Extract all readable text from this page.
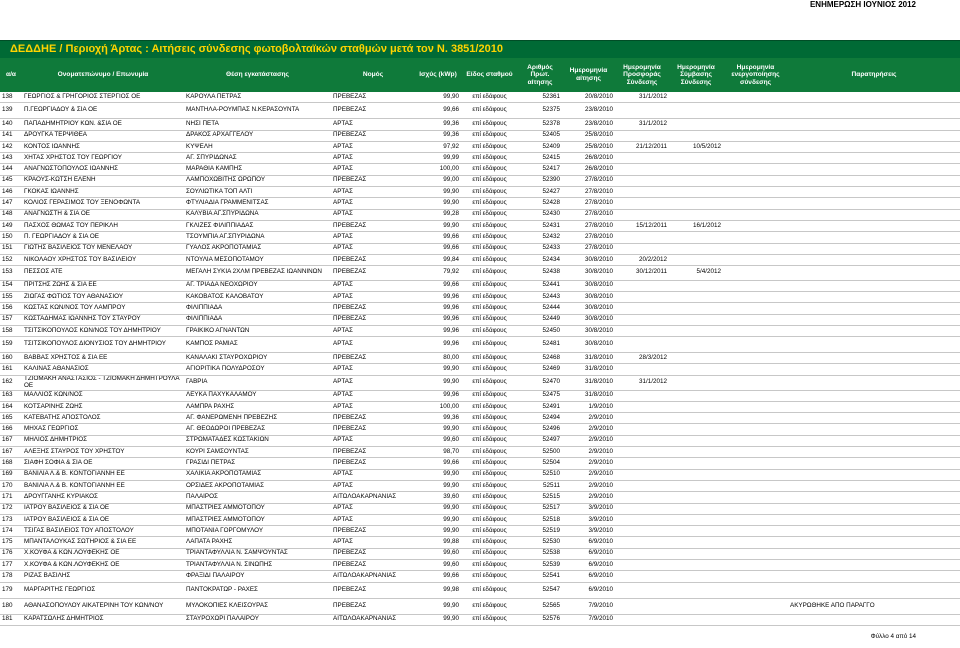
ΕΝΗΜΕΡΩΣΗ ΙΟΥΝΙΟΣ 2012
ΔΕΔΔΗΕ / Περιοχή Άρτας : Αιτήσεις σύνδεσης φωτοβολταϊκών σταθμών μετά τον Ν. 3851/2010
α/α	Ονοματεπώνυμο / Επωνυμία	Θέση εγκατάστασης	Νομός	Ισχύς (kWp)	Είδος σταθμού	Αριθμός Πρωτ. αίτησης	Ημερομηνία αίτησης	Ημερομηνία Προσφοράς Σύνδεσης	Ημερομηνία Σύμβασης Σύνδεσης	Ημερομηνία ενεργοποίησης σύνδεσης	Παρατηρήσεις	
138	ΓΕΩΡΓΙΟΣ & ΓΡΗΓΟΡΙΟΣ ΣΤΕΡΓΙΟΣ ΟΕ	ΚΑΡΟΥΛΑ ΠΕΤΡΑΣ	ΠΡΕΒΕΖΑΣ	99,90	επί εδάφους	52361	20/8/2010	31/1/2012				
139	Π.ΓΕΩΡΓΙΑΔΟΥ & ΣΙΑ ΟΕ	ΜΑΝΤΗΛΑ-ΡΟΥΜΠΑΣ Ν.ΚΕΡΑΣΟΥΝΤΑ	ΠΡΕΒΕΖΑΣ	99,66	επί εδάφους	52375	23/8/2010					
140	ΠΑΠΑΔΗΜΗΤΡΙΟΥ ΚΩΝ. &ΣΙΑ ΟΕ	ΝΗΣΙ ΠΕΤΑ	ΑΡΤΑΣ	99,36	επί εδάφους	52378	23/8/2010	31/1/2012				
141	ΔΡΟΥΓΚΑ ΤΕΡΨΙΘΕΑ	ΔΡΑΚΟΣ ΑΡΧΑΓΓΕΛΟΥ	ΠΡΕΒΕΖΑΣ	99,36	επί εδάφους	52405	25/8/2010					
142	ΚΟΝΤΟΣ ΙΩΑΝΝΗΣ	ΚΥΨΕΛΗ	ΑΡΤΑΣ	97,92	επί εδάφους	52409	25/8/2010	21/12/2011	10/5/2012			
143	ΧΗΤΑΣ ΧΡΗΣΤΟΣ ΤΟΥ ΓΕΩΡΓΙΟΥ	ΑΓ. ΣΠΥΡΙΔΩΝΑΣ	ΑΡΤΑΣ	99,99	επί εδάφους	52415	26/8/2010					
144	ΑΝΑΓΝΩΣΤΟΠΟΥΛΟΣ ΙΩΑΝΝΗΣ	ΜΑΡΑΘΙΑ ΚΑΜΠΗΣ	ΑΡΤΑΣ	100,00	επί εδάφους	52417	26/8/2010					
145	ΚΡΑΟΥΣ-ΚΩΤΣΗ ΕΛΕΝΗ	ΛΑΜΠΟΧΩΒΙΤΗΣ ΩΡΩΠΟΥ	ΠΡΕΒΕΖΑΣ	99,00	επί εδάφους	52390	27/8/2010					
146	ΓΚΟΚΑΣ ΙΩΑΝΝΗΣ	ΣΟΥΛΙΩΤΙΚΑ ΤΟΠ ΑΛΤΙ	ΑΡΤΑΣ	99,90	επί εδάφους	52427	27/8/2010					
147	ΚΟΛΙΟΣ ΓΕΡΑΣΙΜΟΣ ΤΟΥ ΞΕΝΟΦΩΝΤΑ	ΦΤΥΛΙΑΔΙΑ ΓΡΑΜΜΕΝΙΤΣΑΣ	ΑΡΤΑΣ	99,90	επί εδάφους	52428	27/8/2010					
148	ΑΝΑΓΝΩΣΤΗ & ΣΙΑ ΟΕ	ΚΑΛΥΒΙΑ ΑΓ.ΣΠΥΡΙΔΩΝΑ	ΑΡΤΑΣ	99,28	επί εδάφους	52430	27/8/2010					
149	ΠΑΣΧΟΣ ΘΩΜΑΣ ΤΟΥ ΠΕΡΙΚΛΗ	ΓΚΛΙΖΕΣ ΦΙΛΙΠΠΙΑΔΑΣ	ΠΡΕΒΕΖΑΣ	99,90	επί εδάφους	52431	27/8/2010	15/12/2011	16/1/2012			
150	Π. ΓΕΩΡΓΙΑΔΟΥ & ΣΙΑ ΟΕ	ΤΣΟΥΜΠΙΑ ΑΓ.ΣΠΥΡΙΔΩΝΑ	ΑΡΤΑΣ	99,66	επί εδάφους	52432	27/8/2010					
151	ΓΙΩΤΗΣ ΒΑΣΙΛΕΙΟΣ ΤΟΥ ΜΕΝΕΛΑΟΥ	ΓΥΑΛΟΣ ΑΚΡΟΠΟΤΑΜΙΑΣ	ΑΡΤΑΣ	99,66	επί εδάφους	52433	27/8/2010					
152	ΝΙΚΟΛΑΟΥ ΧΡΗΣΤΟΣ ΤΟΥ ΒΑΣΙΛΕΙΟΥ	ΝΤΟΥΛΙΑ ΜΕΣΟΠΟΤΑΜΟΥ	ΠΡΕΒΕΖΑΣ	99,84	επί εδάφους	52434	30/8/2010	20/2/2012				
153	ΠΕΣΣΟΣ ΑΤΕ	ΜΕΓΑΛΗ ΣΥΚΙΑ 2ΧΛΜ ΠΡΕΒΕΖΑΣ ΙΩΑΝΝΙΝΩΝ	ΠΡΕΒΕΖΑΣ	79,92	επί εδάφους	52438	30/8/2010	30/12/2011	5/4/2012			
154	ΠΡΙΤΣΗΣ ΖΩΗΣ & ΣΙΑ ΕΕ	ΑΓ. ΤΡΙΑΔΑ ΝΕΟΧΩΡΙΟΥ	ΑΡΤΑΣ	99,66	επί εδάφους	52441	30/8/2010					
155	ΖΙΩΓΑΣ ΦΩΤΙΟΣ ΤΟΥ ΑΘΑΝΑΣΙΟΥ	ΚΑΚΟΒΑΤΟΣ ΚΑΛΟΒΑΤΟΥ	ΑΡΤΑΣ	99,96	επί εδάφους	52443	30/8/2010					
156	ΚΩΣΤΑΣ ΚΩΝ/ΝΟΣ ΤΟΥ ΛΑΜΠΡΟΥ	ΦΙΛΙΠΠΙΑΔΑ	ΠΡΕΒΕΖΑΣ	99,96	επί εδάφους	52444	30/8/2010					
157	ΚΩΣΤΑΔΗΜΑΣ ΙΩΑΝΝΗΣ ΤΟΥ ΣΤΑΥΡΟΥ	ΦΙΛΙΠΠΙΑΔΑ	ΠΡΕΒΕΖΑΣ	99,96	επί εδάφους	52449	30/8/2010					
158	ΤΣΙΤΣΙΚΟΠΟΥΛΟΣ ΚΩΝ/ΝΟΣ ΤΟΥ ΔΗΜΗΤΡΙΟΥ	ΓΡΑΙΚΙΚΟ ΑΓΝΑΝΤΩΝ	ΑΡΤΑΣ	99,96	επί εδάφους	52450	30/8/2010					
159	ΤΣΙΤΣΙΚΟΠΟΥΛΟΣ ΔΙΟΝΥΣΙΟΣ ΤΟΥ ΔΗΜΗΤΡΙΟΥ	ΚΑΜΠΟΣ ΡΑΜΙΑΣ	ΑΡΤΑΣ	99,96	επί εδάφους	52481	30/8/2010					
160	ΒΑΒΒΑΣ ΧΡΗΣΤΟΣ & ΣΙΑ ΕΕ	ΚΑΝΑΛΑΚΙ ΣΤΑΥΡΟΧΩΡΙΟΥ	ΠΡΕΒΕΖΑΣ	80,00	επί εδάφους	52468	31/8/2010	28/3/2012				
161	ΚΑΛΙΝΑΣ ΑΘΑΝΑΣΙΟΣ	ΑΓΙΟΡΙΤΙΚΑ ΠΟΛΥΔΡΟΣΟΥ	ΑΡΤΑΣ	99,90	επί εδάφους	52469	31/8/2010					
162	ΤΖΙΟΜΑΚΗ ΑΝΑΣΤΑΣΙΟΣ - ΤΖΙΟΜΑΚΗ ΔΗΜΗΤΡΟΥΛΑ ΟΕ	ΓΑΒΡΙΑ	ΑΡΤΑΣ	99,90	επί εδάφους	52470	31/8/2010	31/1/2012				
163	ΜΑΛΛΙΟΣ ΚΩΝ/ΝΟΣ	ΛΕΥΚΑ ΠΑΧΥΚΑΛΑΜΟΥ	ΑΡΤΑΣ	99,96	επί εδάφους	52475	31/8/2010					
164	ΚΟΤΣΑΡΙΝΗΣ ΖΩΗΣ	ΛΑΜΠΡΑ ΡΑΧΗΣ	ΑΡΤΑΣ	100,00	επί εδάφους	52491	1/9/2010					
165	ΚΑΤΕΒΑΤΗΣ ΑΠΟΣΤΟΛΟΣ	ΑΓ. ΦΑΝΕΡΩΜΕΝΗ ΠΡΕΒΕΖΗΣ	ΠΡΕΒΕΖΑΣ	99,36	επί εδάφους	52494	2/9/2010					
166	ΜΗΧΑΣ ΓΕΩΡΓΙΟΣ	ΑΓ. ΘΕΟΔΩΡΟΙ ΠΡΕΒΕΖΑΣ	ΠΡΕΒΕΖΑΣ	99,90	επί εδάφους	52496	2/9/2010					
167	ΜΗΛΙΟΣ ΔΗΜΗΤΡΙΟΣ	ΣΤΡΩΜΑΤΑΔΕΣ ΚΩΣΤΑΚΙΩΝ	ΑΡΤΑΣ	99,60	επί εδάφους	52497	2/9/2010					
167	ΑΛΕΞΗΣ ΣΤΑΥΡΟΣ ΤΟΥ ΧΡΗΣΤΟΥ	ΚΟΥΡΙ ΣΑΜΣΟΥΝΤΑΣ	ΠΡΕΒΕΖΑΣ	98,70	επί εδάφους	52500	2/9/2010					
168	ΣΙΑΦΗ ΣΟΦΙΑ & ΣΙΑ ΟΕ	ΓΡΑΣΙΔΙ ΠΕΤΡΑΣ	ΠΡΕΒΕΖΑΣ	99,66	επί εδάφους	52504	2/9/2010					
169	ΒΑΝΙΛΙΑ Λ.& Β. ΚΟΝΤΟΓΙΑΝΝΗ ΕΕ	ΧΑΛΙΚΙΑ ΑΚΡΟΠΟΤΑΜΙΑΣ	ΑΡΤΑΣ	99,90	επί εδάφους	52510	2/9/2010					
170	ΒΑΝΙΛΙΑ Λ.& Β. ΚΟΝΤΟΓΙΑΝΝΗ ΕΕ	ΟΡΣΙΔΕΣ ΑΚΡΟΠΟΤΑΜΙΑΣ	ΑΡΤΑΣ	99,90	επί εδάφους	52511	2/9/2010					
171	ΔΡΟΥΓΓΑΝΗΣ ΚΥΡΙΑΚΟΣ	ΠΑΛΑΙΡΟΣ	ΑΙΤΩΛΟΑΚΑΡΝΑΝΙΑΣ	39,60	επί εδάφους	52515	2/9/2010					
172	ΙΑΤΡΟΥ ΒΑΣΙΛΕΙΟΣ & ΣΙΑ ΟΕ	ΜΠΑΣΤΡΙΕΣ ΑΜΜΟΤΟΠΟΥ	ΑΡΤΑΣ	99,90	επί εδάφους	52517	3/9/2010					
173	ΙΑΤΡΟΥ ΒΑΣΙΛΕΙΟΣ & ΣΙΑ ΟΕ	ΜΠΑΣΤΡΙΕΣ ΑΜΜΟΤΟΠΟΥ	ΑΡΤΑΣ	99,90	επί εδάφους	52518	3/9/2010					
174	ΤΣΙΓΑΣ ΒΑΣΙΛΕΙΟΣ ΤΟΥ ΑΠΟΣΤΟΛΟΥ	ΜΠΟΤΑΝΙΑ ΓΟΡΓΟΜΥΛΟΥ	ΠΡΕΒΕΖΑΣ	99,90	επί εδάφους	52519	3/9/2010					
175	ΜΠΑΝΤΑΛΟΥΚΑΣ ΣΩΤΗΡΙΟΣ & ΣΙΑ ΕΕ	ΛΑΠΑΤΑ ΡΑΧΗΣ	ΑΡΤΑΣ	99,88	επί εδάφους	52530	6/9/2010					
176	Χ.ΚΟΥΦΑ & ΚΩΝ.ΛΟΥΦΕΚΗΣ ΟΕ	ΤΡΙΑΝΤΑΦΥΛΛΙΑ Ν. ΣΑΜΨΟΥΝΤΑΣ	ΠΡΕΒΕΖΑΣ	99,60	επί εδάφους	52538	6/9/2010					
177	Χ.ΚΟΥΦΑ & ΚΩΝ.ΛΟΥΦΕΚΗΣ ΟΕ	ΤΡΙΑΝΤΑΦΥΛΛΙΑ Ν. ΣΙΝΩΠΗΣ	ΠΡΕΒΕΖΑΣ	99,60	επί εδάφους	52539	6/9/2010					
178	ΡΙΖΑΣ ΒΑΣΙΛΗΣ	ΦΡΑΞΙΔΙ ΠΑΛΑΙΡΟΥ	ΑΙΤΩΛΟΑΚΑΡΝΑΝΙΑΣ	99,66	επί εδάφους	52541	6/9/2010					
179	ΜΑΡΓΑΡΙΤΗΣ ΓΕΩΡΓΙΟΣ	ΠΑΝΤΟΚΡΑΤΩΡ - ΡΑΧΕΣ	ΠΡΕΒΕΖΑΣ	99,98	επί εδάφους	52547	6/9/2010					
180	ΑΘΑΝΑΣΟΠΟΥΛΟΥ ΑΙΚΑΤΕΡΙΝΗ ΤΟΥ ΚΩΝ/ΝΟΥ	ΜΥΛΟΚΟΠΙΕΣ ΚΛΕΙΣΟΥΡΑΣ	ΠΡΕΒΕΖΑΣ	99,90	επί εδάφους	52565	7/9/2010				ΑΚΥΡΩΘΗΚΕ ΑΠΟ ΠΑΡΑΓΓΟ	
181	ΚΑΡΑΤΣΩΛΗΣ ΔΗΜΗΤΡΙΟΣ	ΣΤΑΥΡΟΧΩΡΙ ΠΑΛΑΙΡΟΥ	ΑΙΤΩΛΟΑΚΑΡΝΑΝΙΑΣ	99,90	επί εδάφους	52576	7/9/2010					
Φύλλο 4 από 14
